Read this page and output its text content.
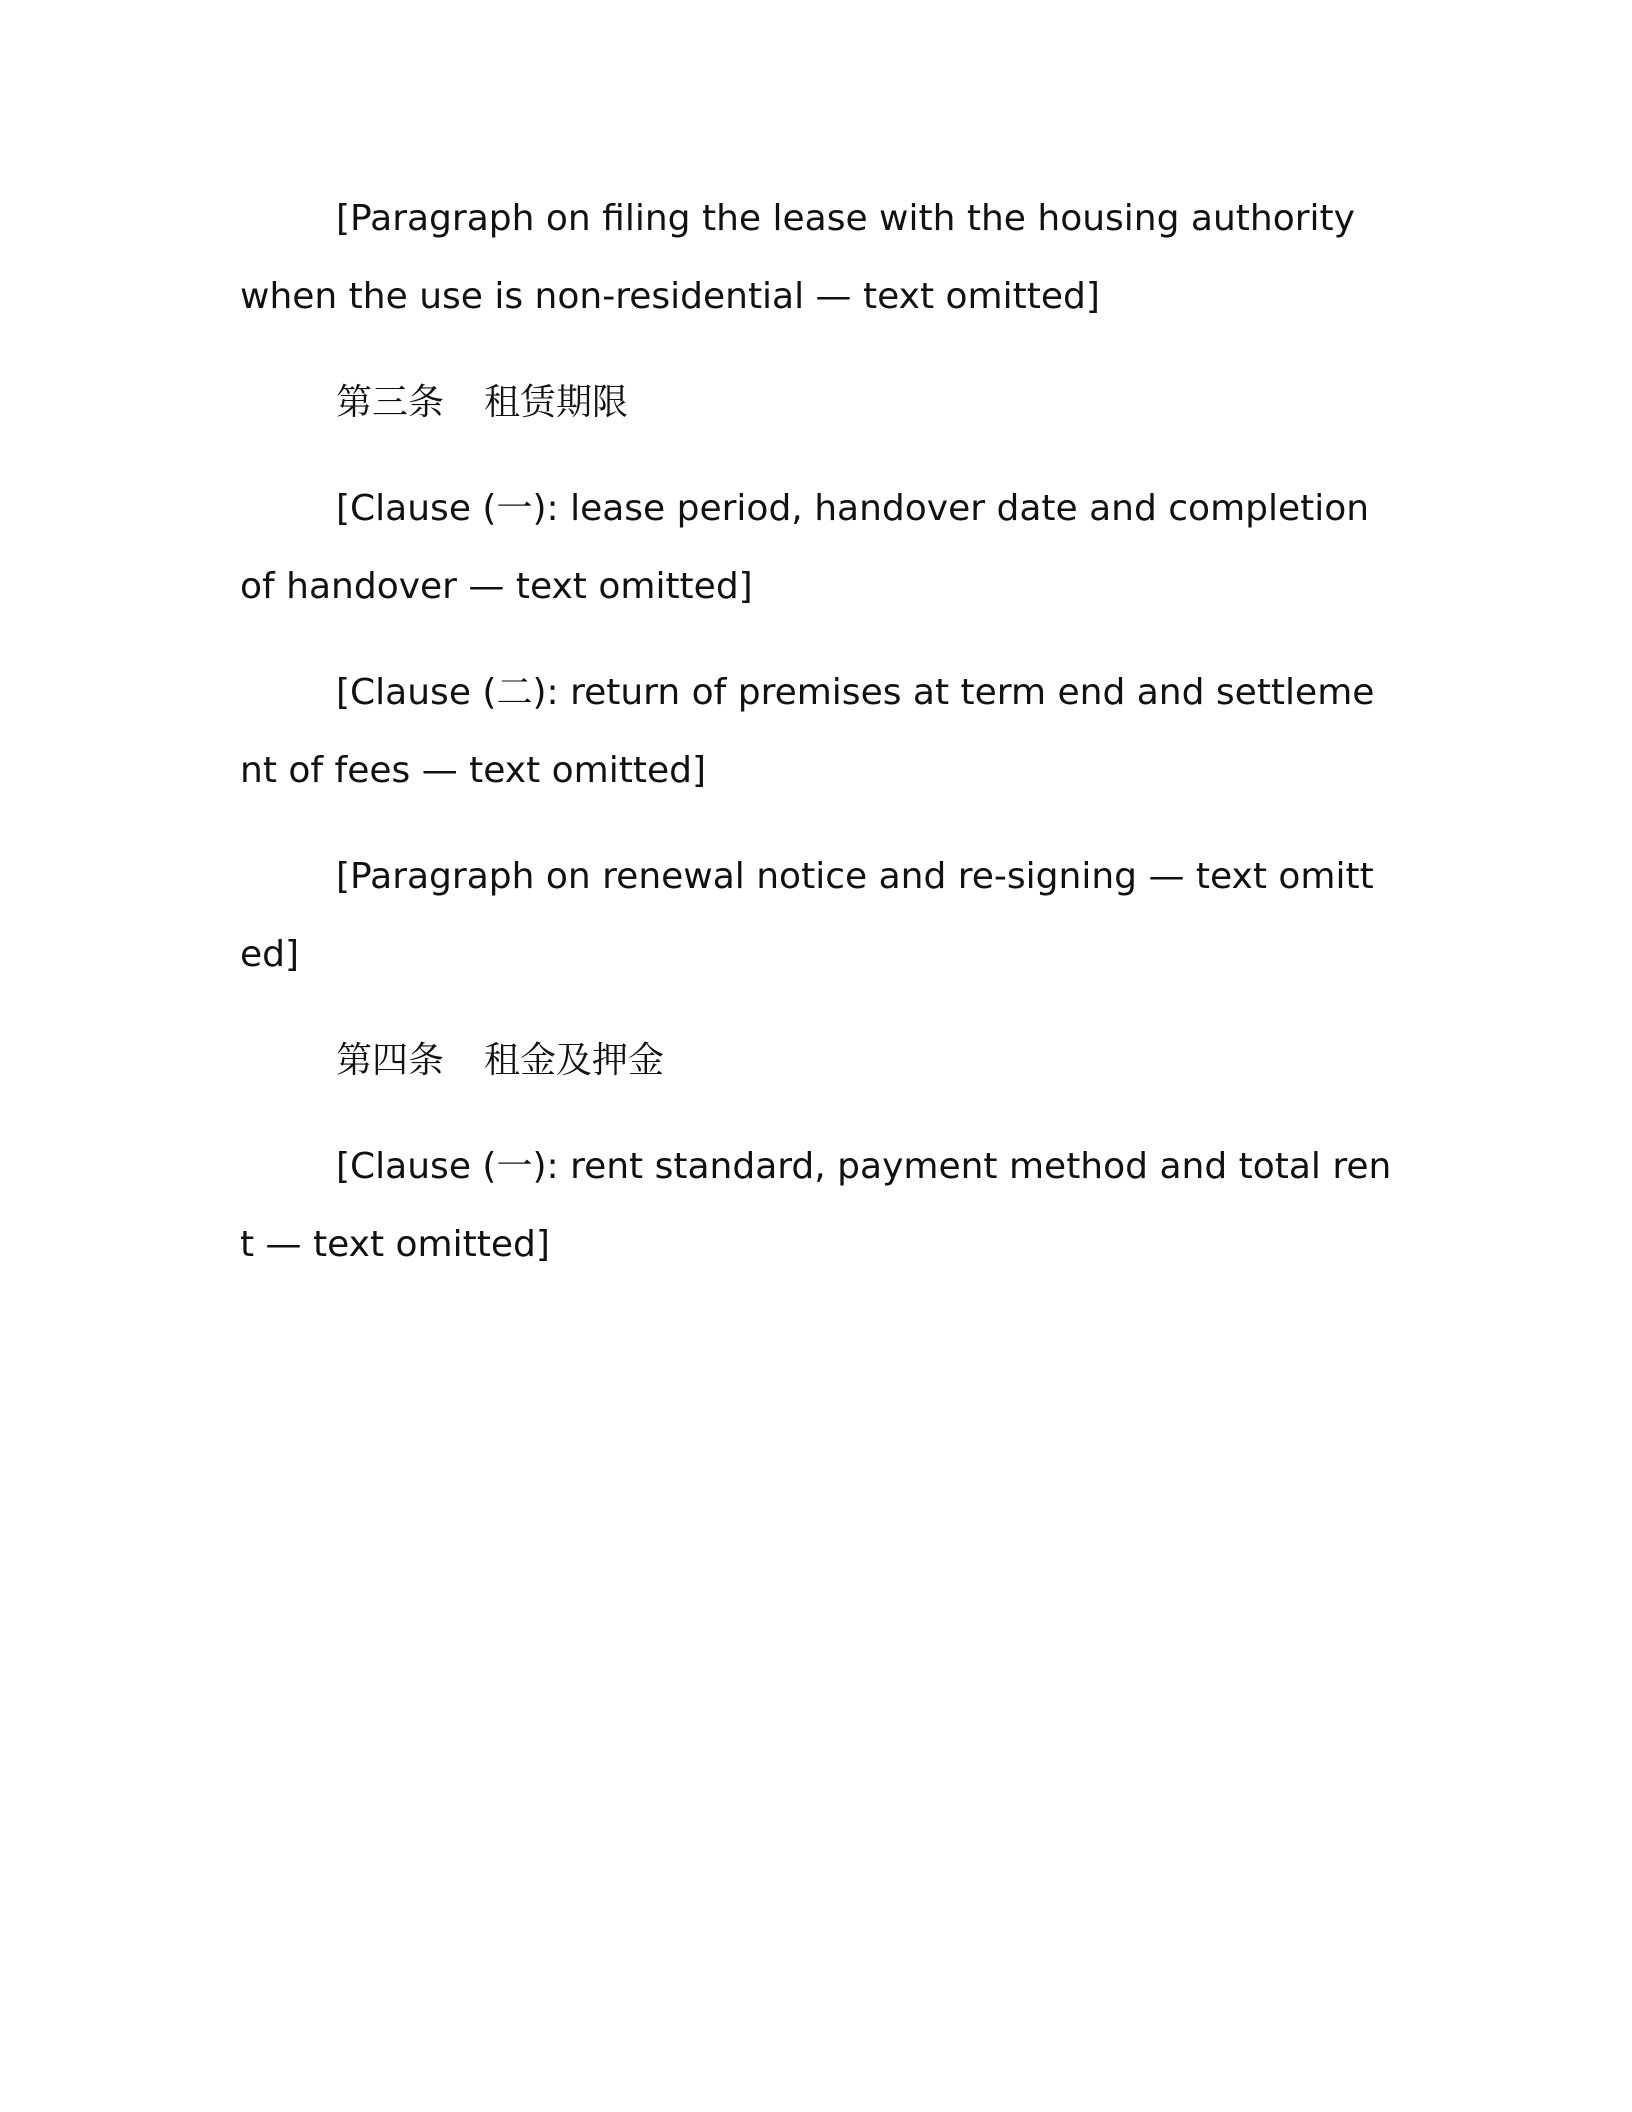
[Paragraph on filing the lease with the housing authority when the use is non-residential — text omitted]

第三条 租赁期限

[Clause (一): lease period, handover date and completion of handover — text omitted]

[Clause (二): return of premises at term end and settlement of fees — text omitted]

[Paragraph on renewal notice and re-signing — text omitted]

第四条 租金及押金

[Clause (一): rent standard, payment method and total rent — text omitted]
